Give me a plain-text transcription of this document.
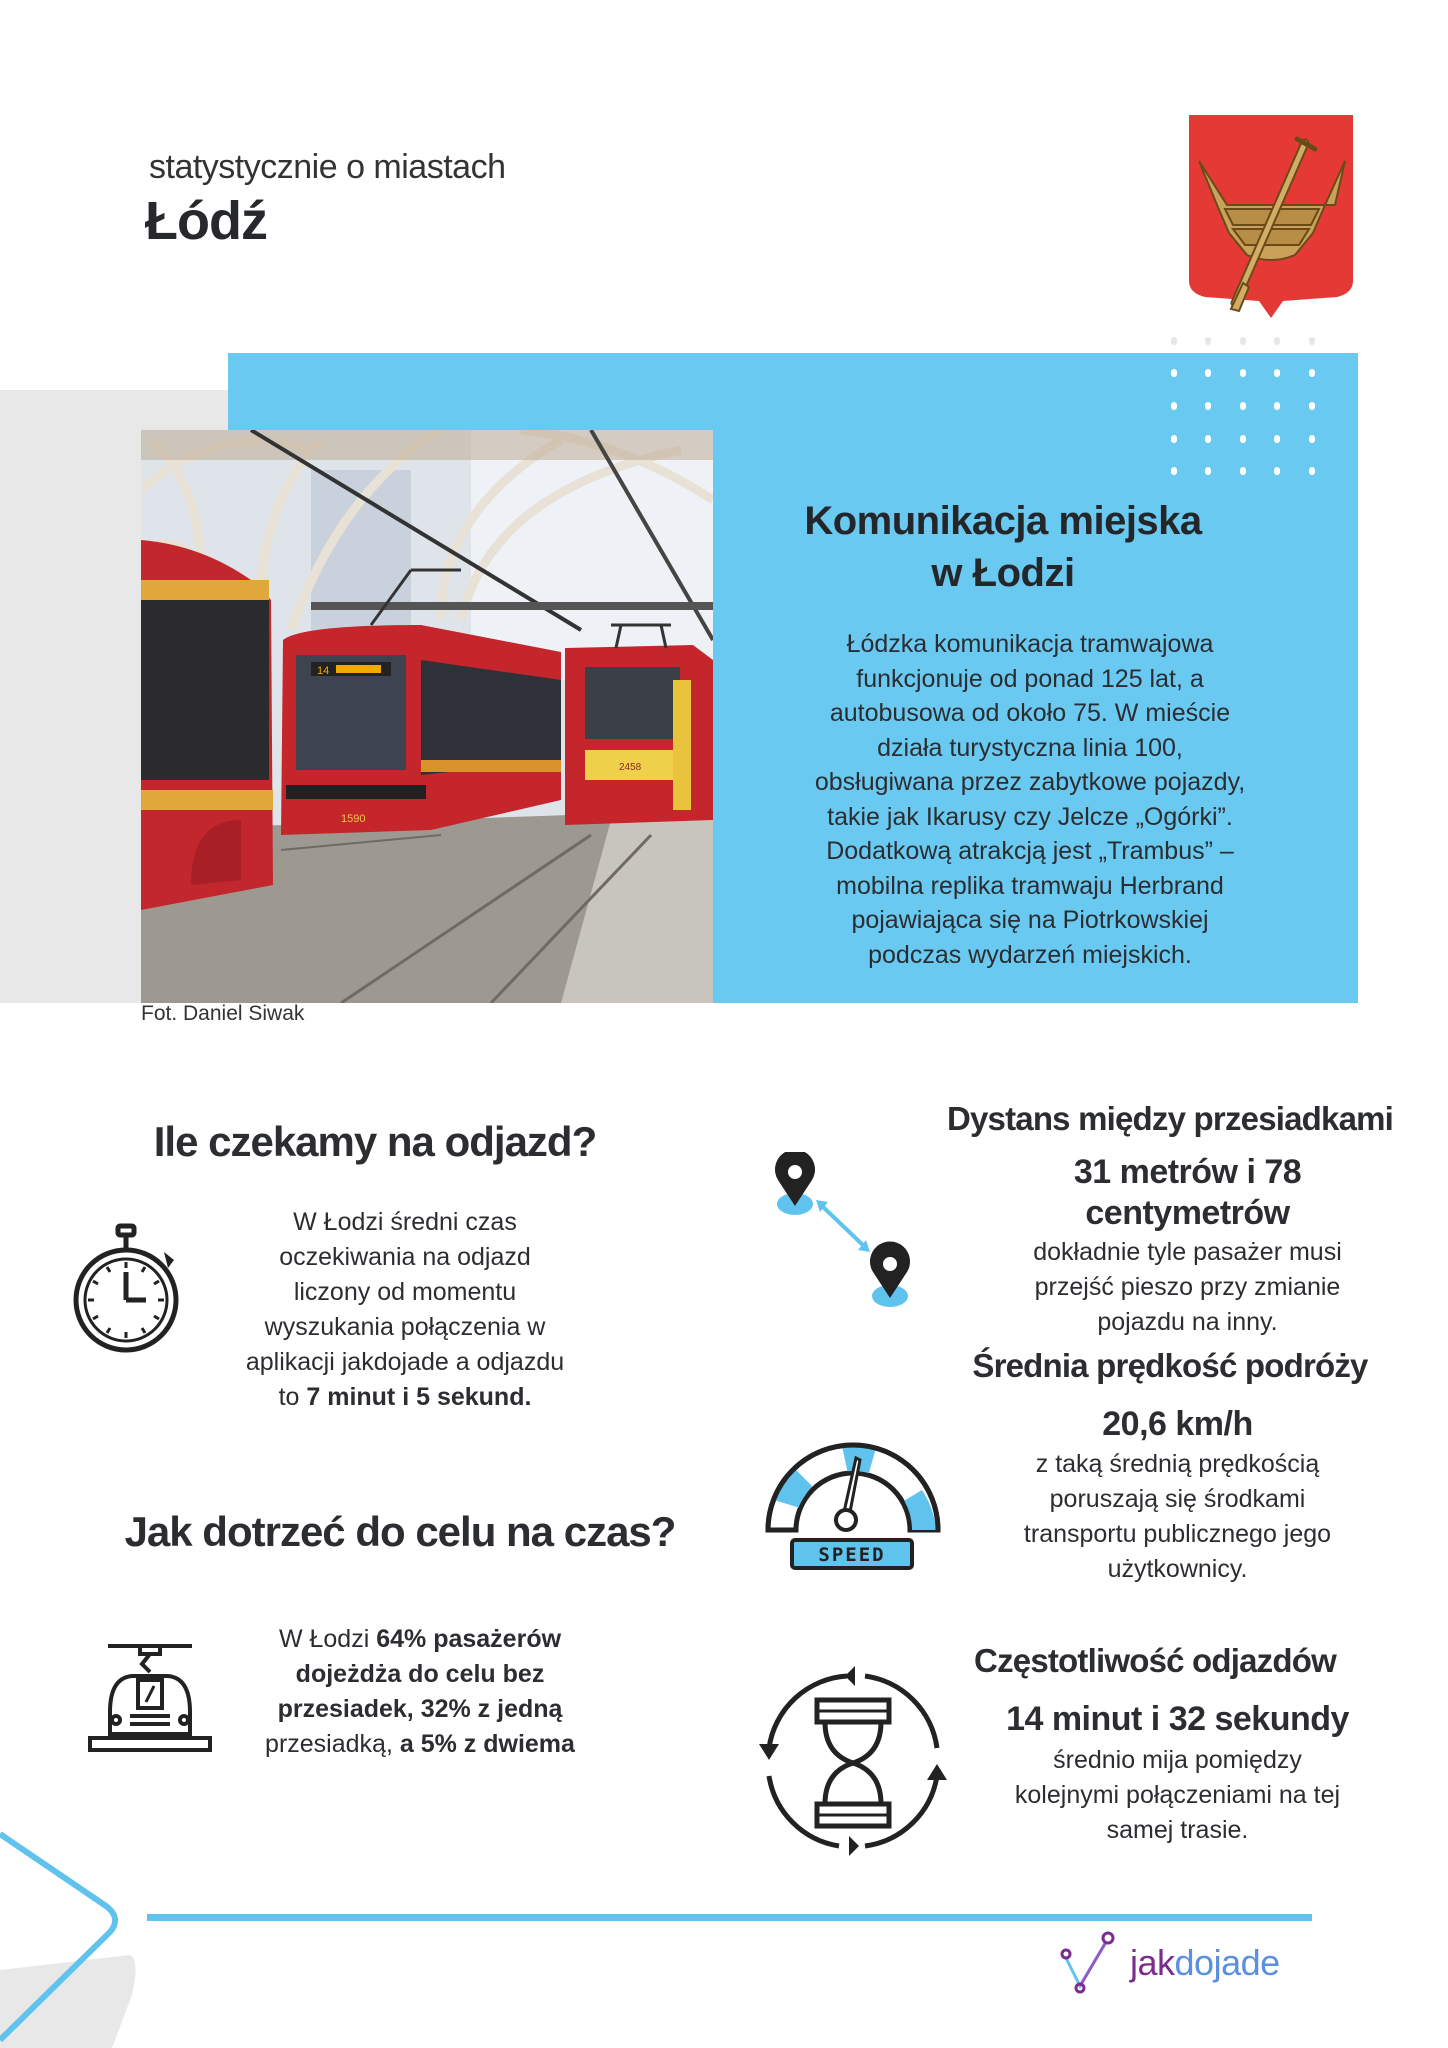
statystycznie o miastach
Łódź
14
1590
2458
Fot. Daniel Siwak
Komunikacja miejska
w Łodzi
Łódzka komunikacja tramwajowa
funkcjonuje od ponad 125 lat, a
autobusowa od około 75. W mieście
działa turystyczna linia 100,
obsługiwana przez zabytkowe pojazdy,
takie jak Ikarusy czy Jelcze „Ogórki”.
Dodatkową atrakcją jest „Trambus” –
mobilna replika tramwaju Herbrand
pojawiająca się na Piotrkowskiej
podczas wydarzeń miejskich.
Ile czekamy na odjazd?
W Łodzi średni czas
oczekiwania na odjazd
liczony od momentu
wyszukania połączenia w
aplikacji jakdojade a odjazdu
to 7 minut i 5 sekund.
Jak dotrzeć do celu na czas?
W Łodzi 64% pasażerów
dojeżdża do celu bez
przesiadek, 32% z jedną
przesiadką, a 5% z dwiema
Dystans między przesiadkami
31 metrów i 78
centymetrów
dokładnie tyle pasażer musi
przejść pieszo przy zmianie
pojazdu na inny.
Średnia prędkość podróży
20,6 km/h
SPEED
z taką średnią prędkością
poruszają się środkami
transportu publicznego jego
użytkownicy.
Częstotliwość odjazdów
14 minut i 32 sekundy
średnio mija pomiędzy
kolejnymi połączeniami na tej
samej trasie.
jakdojade
